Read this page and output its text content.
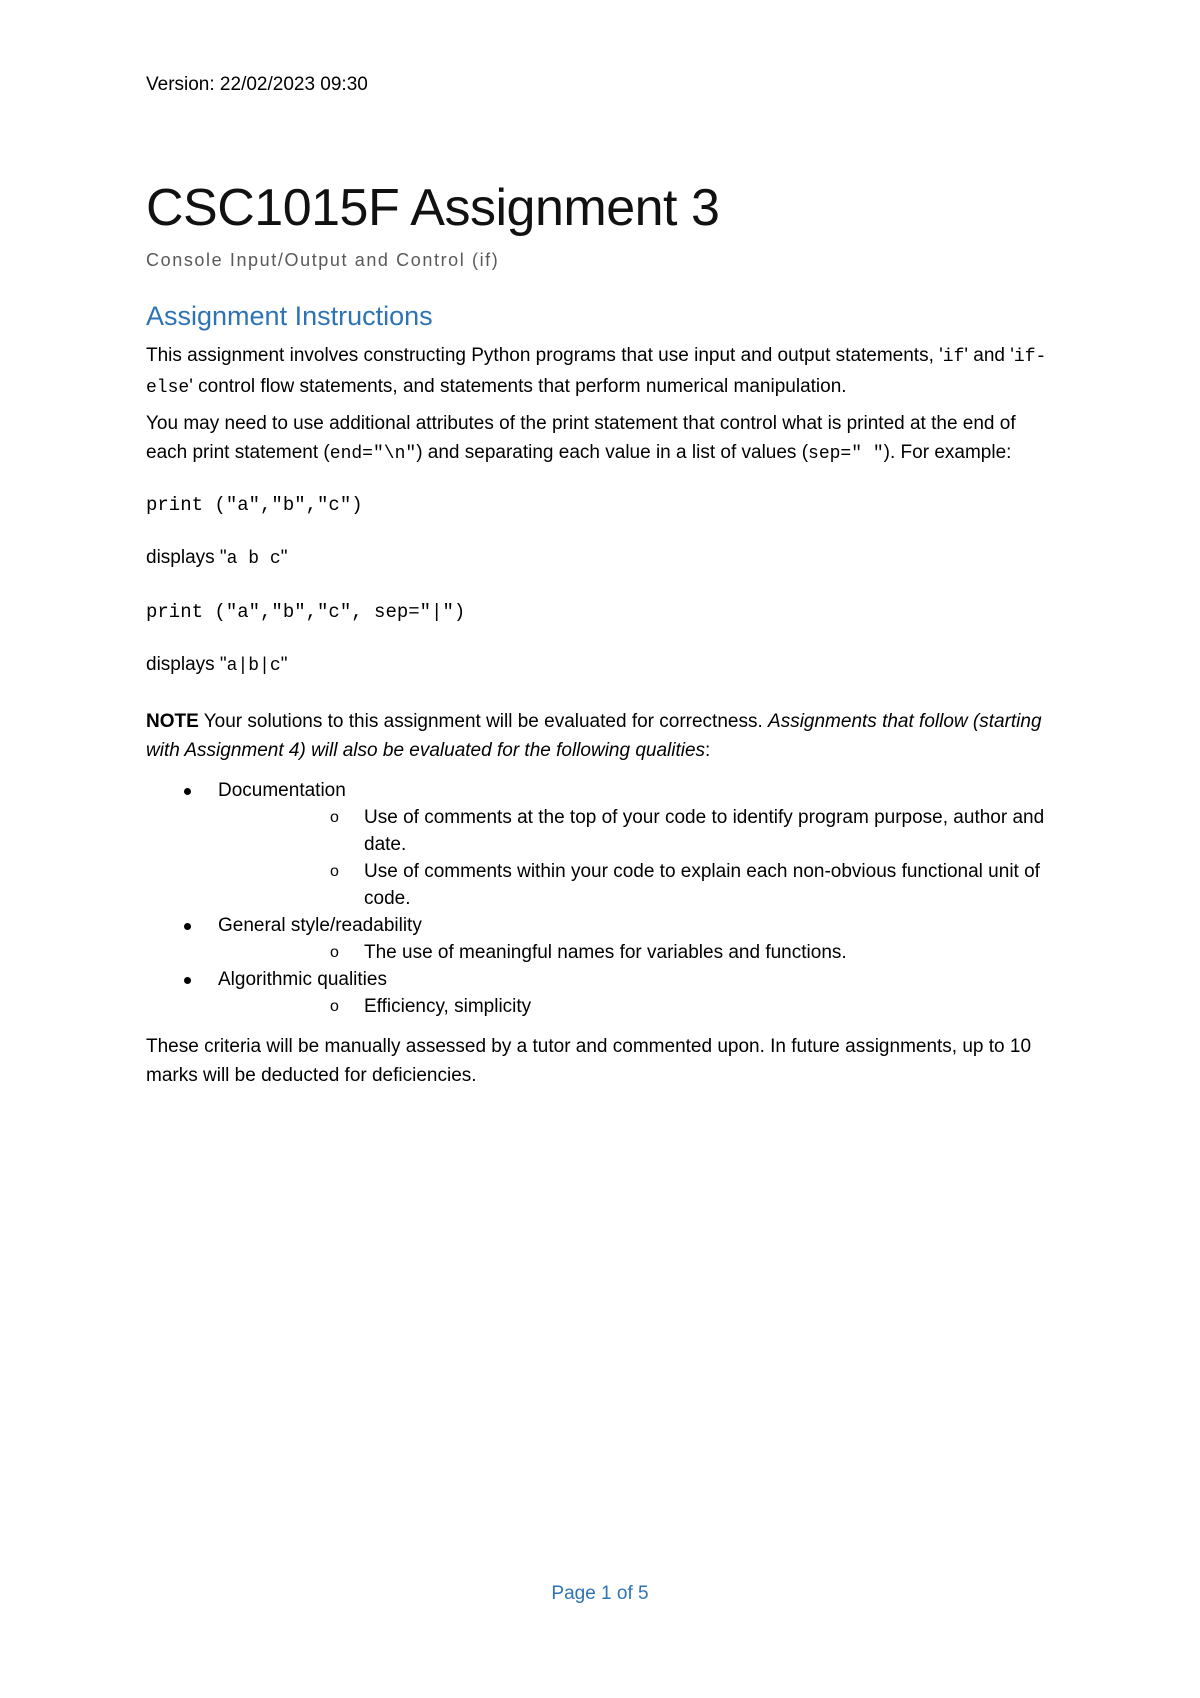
Version: 22/02/2023 09:30

CSC1015F Assignment 3
Console Input/Output and Control (if)
Assignment Instructions

This assignment involves constructing Python programs that use input and output statements, 'if' and 'if-else' control flow statements, and statements that perform numerical manipulation.

You may need to use additional attributes of the print statement that control what is printed at the end of each print statement (end="\n") and separating each value in a list of values (sep=" "). For example:

print ("a","b","c")

displays "a b c"

print ("a","b","c", sep="|")

displays "a|b|c"

NOTE Your solutions to this assignment will be evaluated for correctness. Assignments that follow (starting with Assignment 4) will also be evaluated for the following qualities:

Documentation
o Use of comments at the top of your code to identify program purpose, author and date.
o Use of comments within your code to explain each non-obvious functional unit of code.
General style/readability
o The use of meaningful names for variables and functions.
Algorithmic qualities
o Efficiency, simplicity

These criteria will be manually assessed by a tutor and commented upon. In future assignments, up to 10 marks will be deducted for deficiencies.

Page 1 of 5
